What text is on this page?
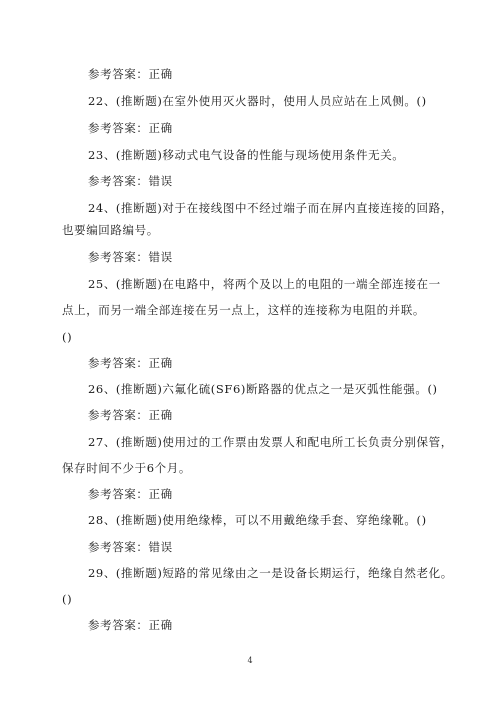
参考答案：正确
22、(推断题)在室外使用灭火器时，使用人员应站在上风侧。()
参考答案：正确
23、(推断题)移动式电气设备的性能与现场使用条件无关。
参考答案：错误
24、(推断题)对于在接线图中不经过端子而在屏内直接连接的回路，
也要编回路编号。
参考答案：错误
25、(推断题)在电路中，将两个及以上的电阻的一端全部连接在一
点上，而另一端全部连接在另一点上，这样的连接称为电阻的并联。
()
参考答案：正确
26、(推断题)六氟化硫(SF6)断路器的优点之一是灭弧性能强。()
参考答案：正确
27、(推断题)使用过的工作票由发票人和配电所工长负责分别保管，
保存时间不少于6个月。
参考答案：正确
28、(推断题)使用绝缘棒，可以不用戴绝缘手套、穿绝缘靴。()
参考答案：错误
29、(推断题)短路的常见缘由之一是设备长期运行，绝缘自然老化。
()
参考答案：正确
4
